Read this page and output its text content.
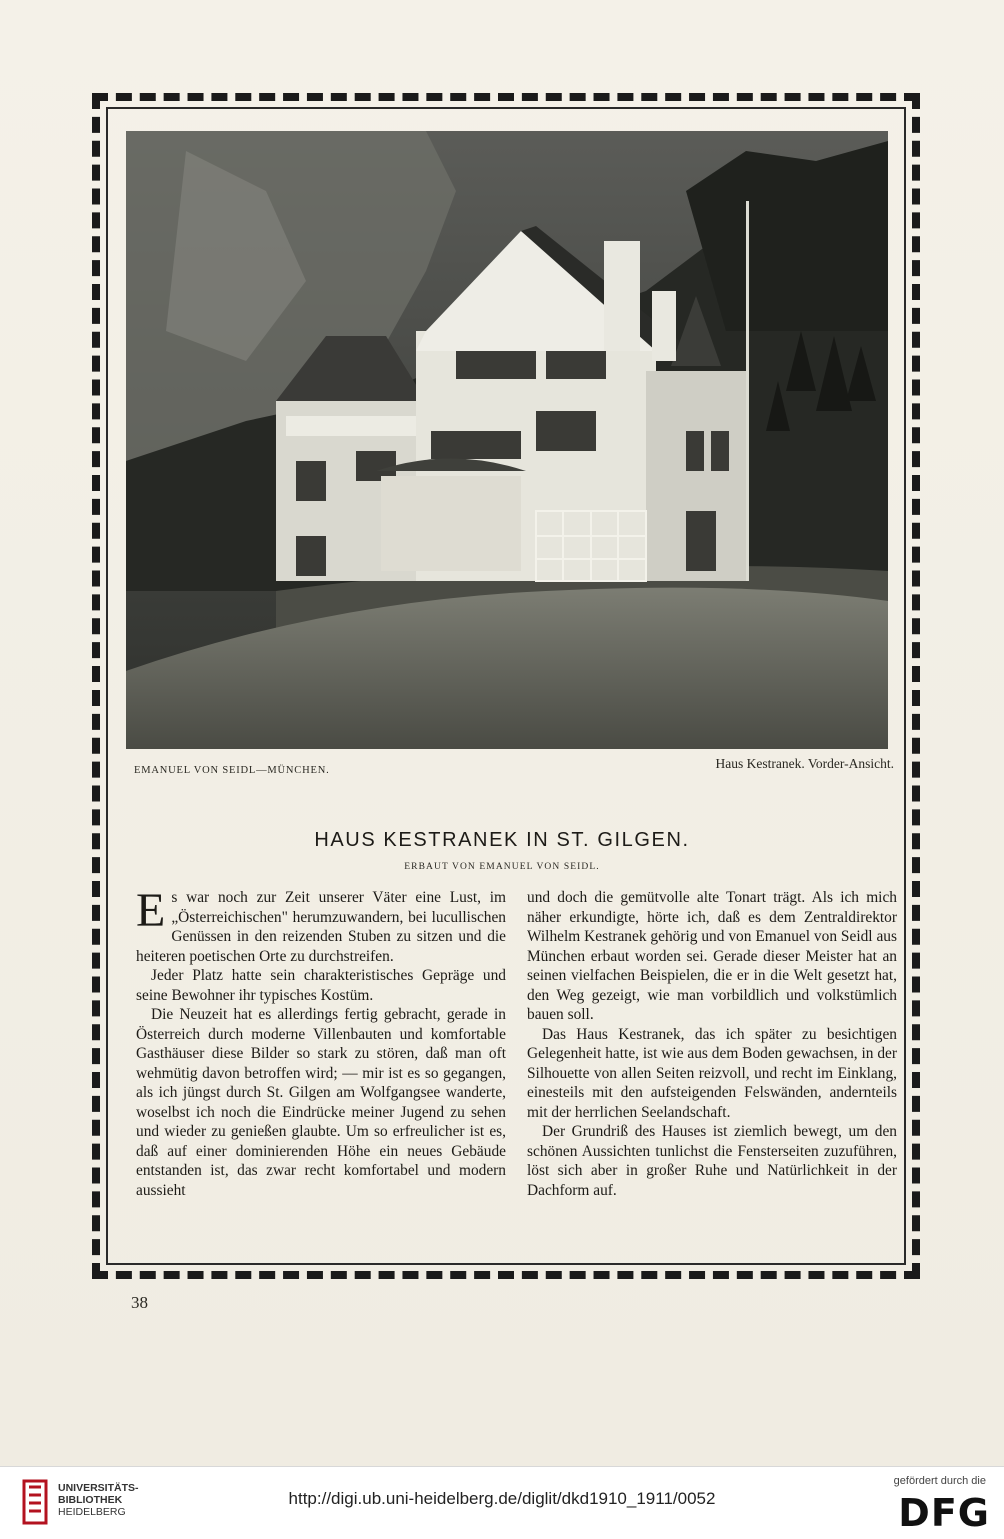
EMANUEL VON SEIDL—MÜNCHEN.	Haus Kestranek. Vorder-Ansicht.
HAUS KESTRANEK IN ST. GILGEN.
ERBAUT VON EMANUEL VON SEIDL.

Es war noch zur Zeit unserer Väter eine Lust, im „Österreichischen" herumzuwandern, bei lucullischen Genüssen in den reizenden Stuben zu sitzen und die heiteren poetischen Orte zu durchstreifen.

Jeder Platz hatte sein charakteristisches Gepräge und seine Bewohner ihr typisches Kostüm.

Die Neuzeit hat es allerdings fertig gebracht, gerade in Österreich durch moderne Villenbauten und komfortable Gasthäuser diese Bilder so stark zu stören, daß man oft wehmütig davon betroffen wird; — mir ist es so gegangen, als ich jüngst durch St. Gilgen am Wolfgangsee wanderte, woselbst ich noch die Eindrücke meiner Jugend zu sehen und wieder zu genießen glaubte. Um so erfreulicher ist es, daß auf einer dominierenden Höhe ein neues Gebäude entstanden ist, das zwar recht komfortabel und modern aussieht

und doch die gemütvolle alte Tonart trägt. Als ich mich näher erkundigte, hörte ich, daß es dem Zentraldirektor Wilhelm Kestranek gehörig und von Emanuel von Seidl aus München erbaut worden sei. Gerade dieser Meister hat an seinen vielfachen Beispielen, die er in die Welt gesetzt hat, den Weg gezeigt, wie man vorbildlich und volkstümlich bauen soll.

Das Haus Kestranek, das ich später zu besichtigen Gelegenheit hatte, ist wie aus dem Boden gewachsen, in der Silhouette von allen Seiten reizvoll, und recht im Einklang, einesteils mit den aufsteigenden Felswänden, andernteils mit der herrlichen Seelandschaft.

Der Grundriß des Hauses ist ziemlich bewegt, um den schönen Aussichten tunlichst die Fensterseiten zuzuführen, löst sich aber in großer Ruhe und Natürlichkeit in der Dachform auf.

38
UNIVERSITÄTS-
BIBLIOTHEK
HEIDELBERG
http://digi.ub.uni-heidelberg.de/diglit/dkd1910_1911/0052
gefördert durch die
DFG
